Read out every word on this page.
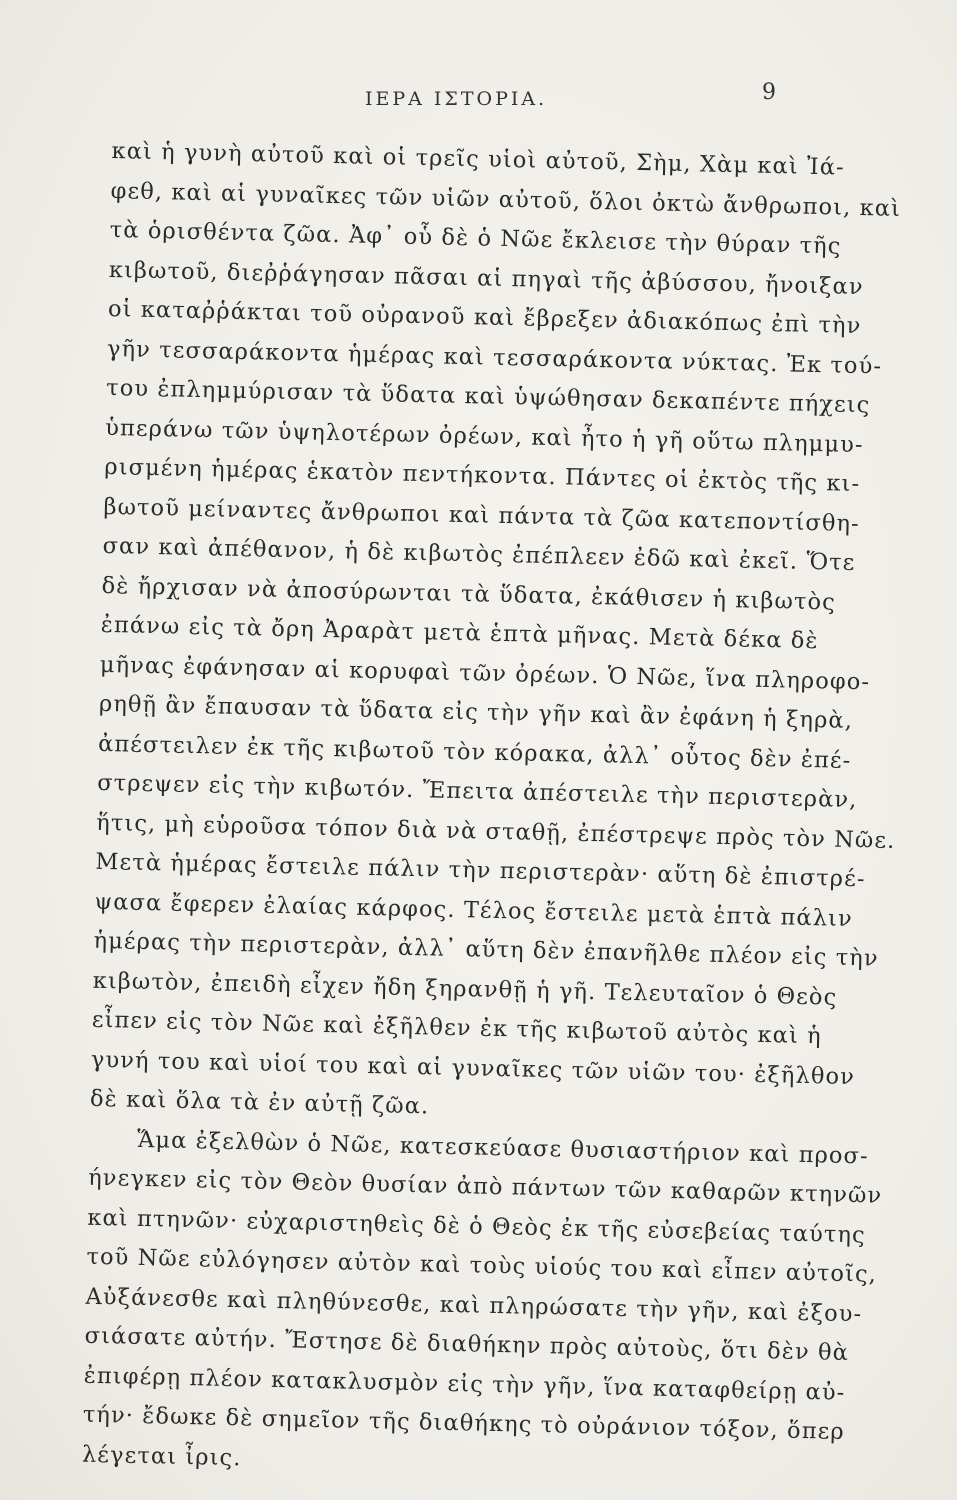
ΙΕΡΑ ΙΣΤΟΡΙΑ.	9
καὶ ἡ γυνὴ αὐτοῦ καὶ οἱ τρεῖς υἱοὶ αὐτοῦ, Σὴμ, Χὰμ καὶ Ἰά-
φεθ, καὶ αἱ γυναῖκες τῶν υἱῶν αὐτοῦ, ὅλοι ὀκτὼ ἄνθρωποι, καὶ
τὰ ὁρισθέντα ζῶα. Ἀφ᾽ οὗ δὲ ὁ Νῶε ἔκλεισε τὴν θύραν τῆς
κιβωτοῦ, διεῤῥάγησαν πᾶσαι αἱ πηγαὶ τῆς ἀβύσσου, ἤνοιξαν
οἱ καταῤῥάκται τοῦ οὐρανοῦ καὶ ἔβρεξεν ἀδιακόπως ἐπὶ τὴν
γῆν τεσσαράκοντα ἡμέρας καὶ τεσσαράκοντα νύκτας. Ἐκ τού-
του ἐπλημμύρισαν τὰ ὕδατα καὶ ὑψώθησαν δεκαπέντε πήχεις
ὑπεράνω τῶν ὑψηλοτέρων ὀρέων, καὶ ἦτο ἡ γῆ οὕτω πλημμυ-
ρισμένη ἡμέρας ἑκατὸν πεντήκοντα. Πάντες οἱ ἐκτὸς τῆς κι-
βωτοῦ μείναντες ἄνθρωποι καὶ πάντα τὰ ζῶα κατεποντίσθη-
σαν καὶ ἀπέθανον, ἡ δὲ κιβωτὸς ἐπέπλεεν ἐδῶ καὶ ἐκεῖ. Ὅτε
δὲ ἤρχισαν νὰ ἀποσύρωνται τὰ ὕδατα, ἐκάθισεν ἡ κιβωτὸς
ἐπάνω εἰς τὰ ὄρη Ἀραρὰτ μετὰ ἑπτὰ μῆνας. Μετὰ δέκα δὲ
μῆνας ἐφάνησαν αἱ κορυφαὶ τῶν ὀρέων. Ὁ Νῶε, ἵνα πληροφο-
ρηθῇ ἂν ἔπαυσαν τὰ ὕδατα εἰς τὴν γῆν καὶ ἂν ἐφάνη ἡ ξηρὰ,
ἀπέστειλεν ἐκ τῆς κιβωτοῦ τὸν κόρακα, ἀλλ᾽ οὗτος δὲν ἐπέ-
στρεψεν εἰς τὴν κιβωτόν. Ἔπειτα ἀπέστειλε τὴν περιστερὰν,
ἥτις, μὴ εὑροῦσα τόπον διὰ νὰ σταθῇ, ἐπέστρεψε πρὸς τὸν Νῶε.
Μετὰ ἡμέρας ἔστειλε πάλιν τὴν περιστερὰν· αὕτη δὲ ἐπιστρέ-
ψασα ἔφερεν ἐλαίας κάρφος. Τέλος ἔστειλε μετὰ ἑπτὰ πάλιν
ἡμέρας τὴν περιστερὰν, ἀλλ᾽ αὕτη δὲν ἐπανῆλθε πλέον εἰς τὴν
κιβωτὸν, ἐπειδὴ εἶχεν ἤδη ξηρανθῇ ἡ γῆ. Τελευταῖον ὁ Θεὸς
εἶπεν εἰς τὸν Νῶε καὶ ἐξῆλθεν ἐκ τῆς κιβωτοῦ αὐτὸς καὶ ἡ
γυνή του καὶ υἱοί του καὶ αἱ γυναῖκες τῶν υἱῶν του· ἐξῆλθον
δὲ καὶ ὅλα τὰ ἐν αὐτῇ ζῶα.
Ἅμα ἐξελθὼν ὁ Νῶε, κατεσκεύασε θυσιαστήριον καὶ προσ-
ήνεγκεν εἰς τὸν Θεὸν θυσίαν ἀπὸ πάντων τῶν καθαρῶν κτηνῶν
καὶ πτηνῶν· εὐχαριστηθεὶς δὲ ὁ Θεὸς ἐκ τῆς εὐσεβείας ταύτης
τοῦ Νῶε εὐλόγησεν αὐτὸν καὶ τοὺς υἱούς του καὶ εἶπεν αὐτοῖς,
Αὐξάνεσθε καὶ πληθύνεσθε, καὶ πληρώσατε τὴν γῆν, καὶ ἐξου-
σιάσατε αὐτήν. Ἔστησε δὲ διαθήκην πρὸς αὐτοὺς, ὅτι δὲν θὰ
ἐπιφέρῃ πλέον κατακλυσμὸν εἰς τὴν γῆν, ἵνα καταφθείρῃ αὐ-
τήν· ἔδωκε δὲ σημεῖον τῆς διαθήκης τὸ οὐράνιον τόξον, ὅπερ
λέγεται ἶρις.
